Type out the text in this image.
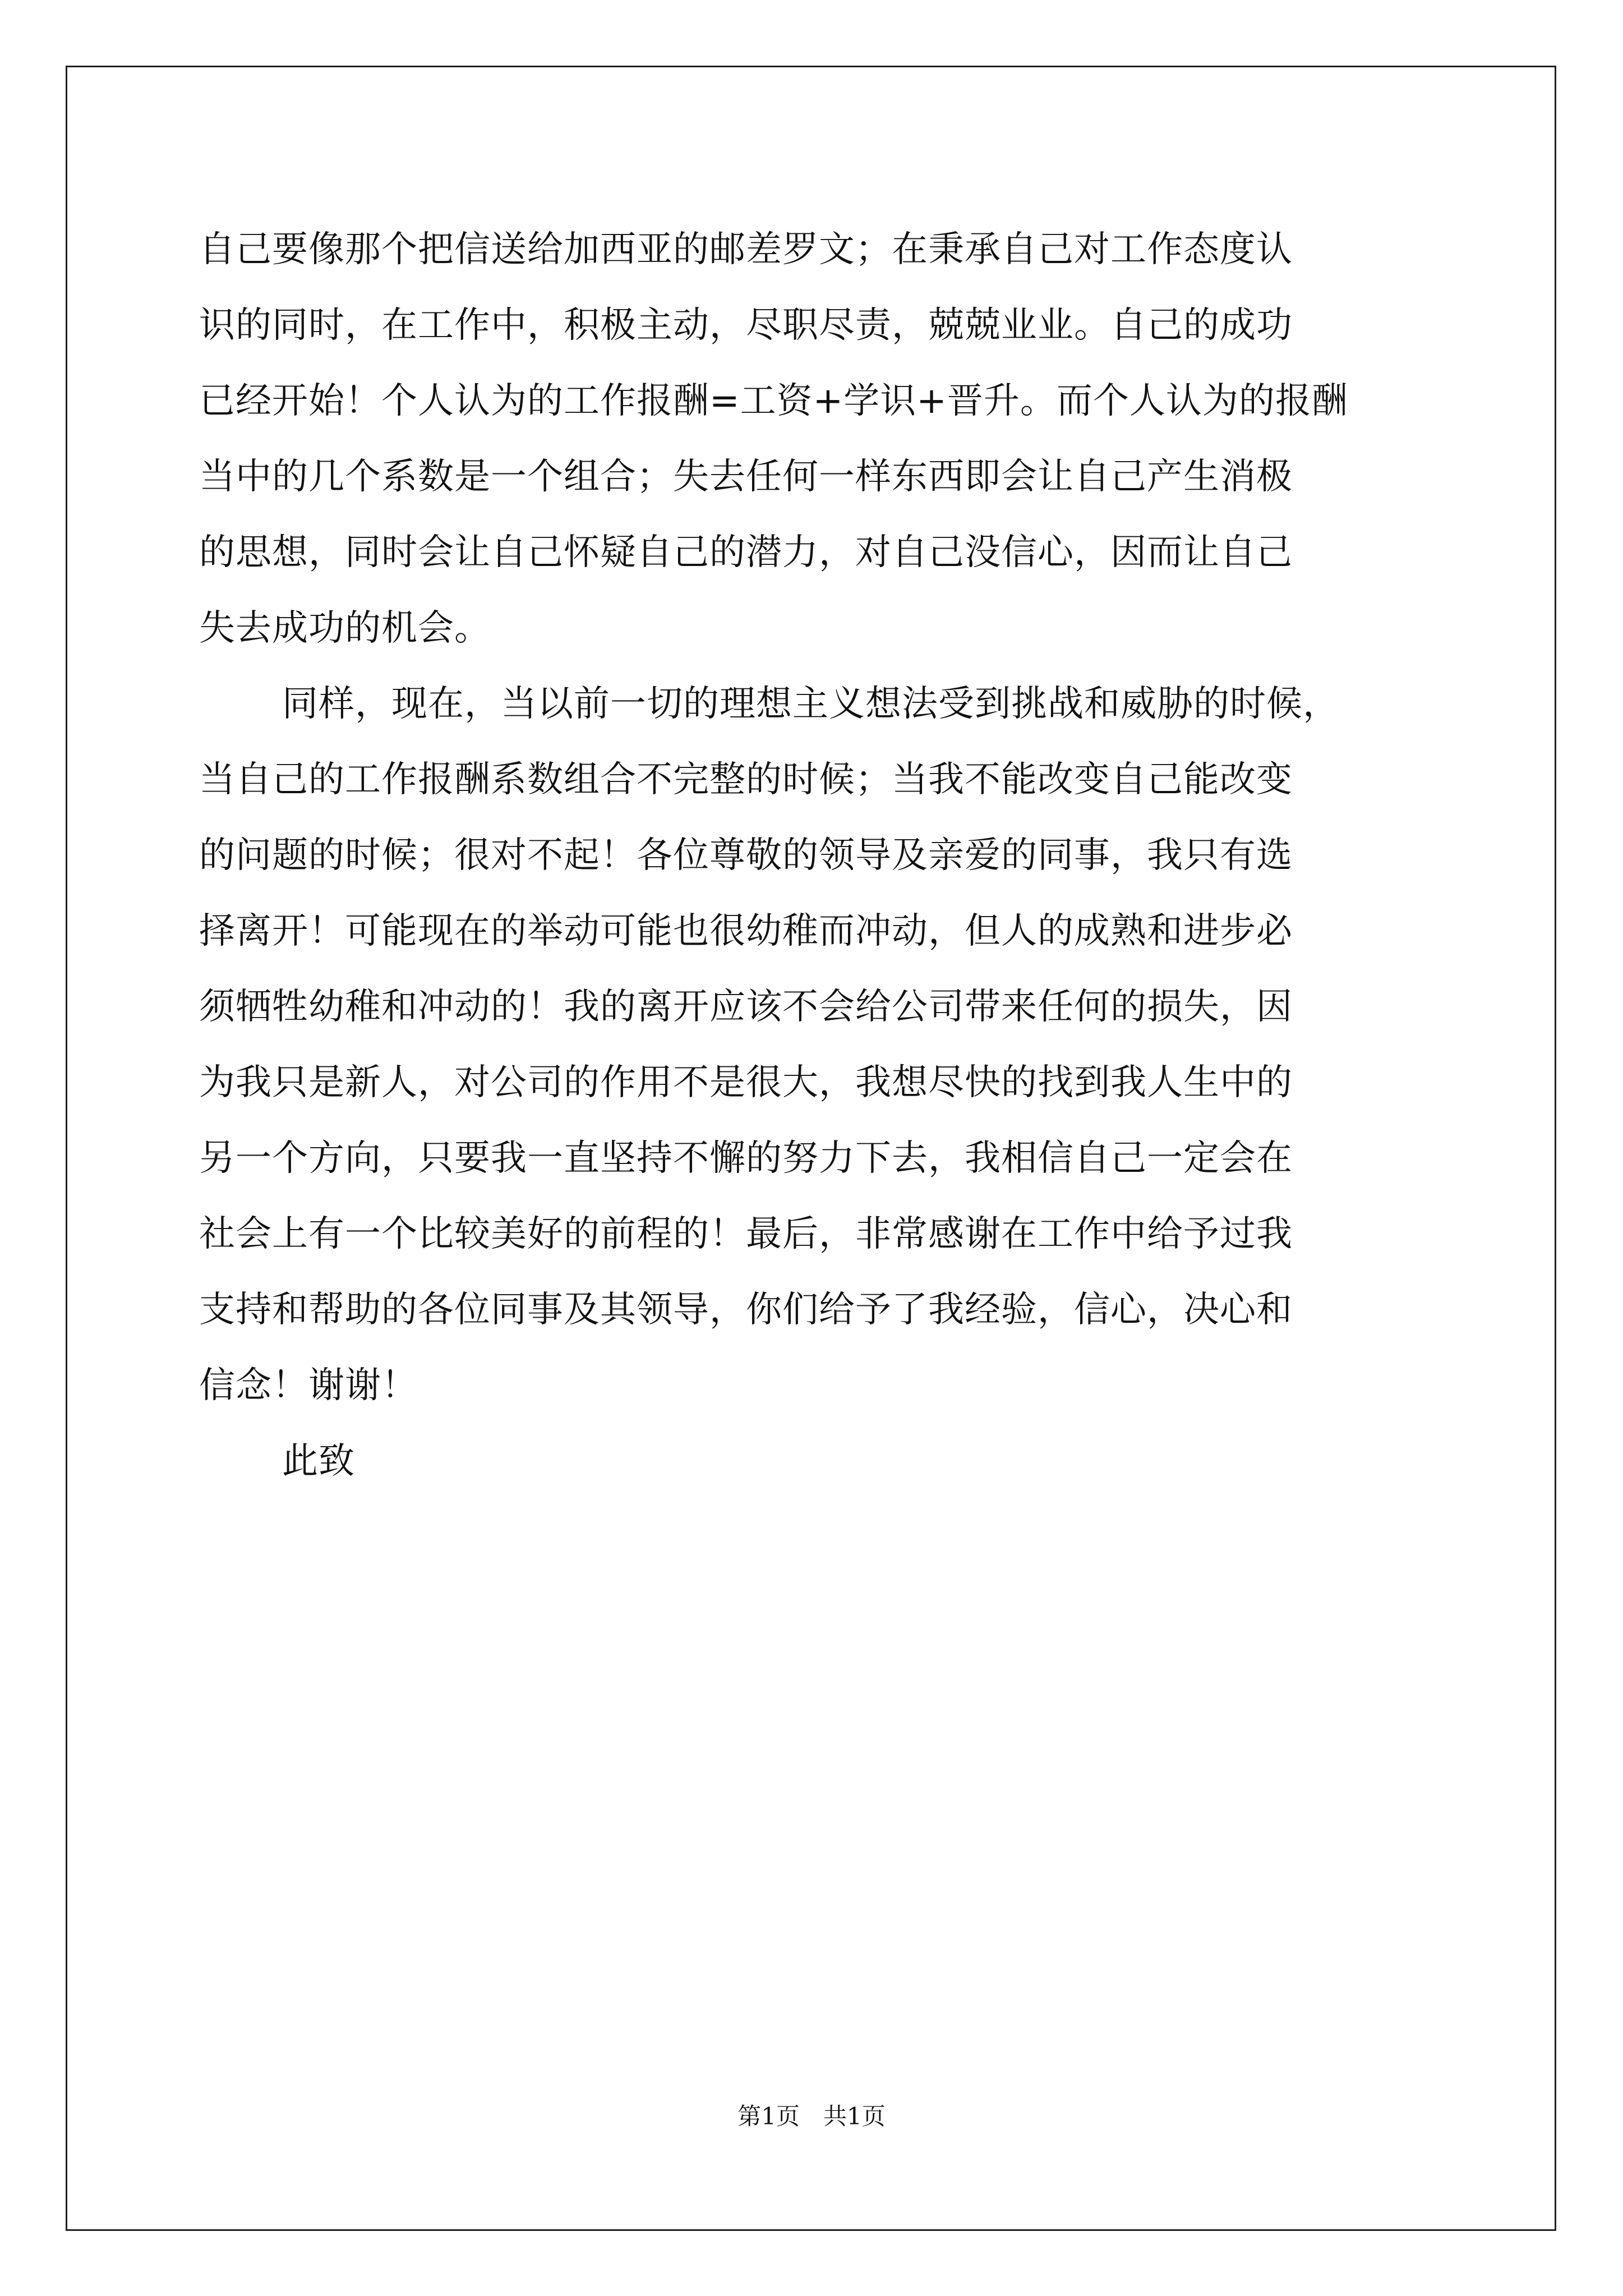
自己要像那个把信送给加西亚的邮差罗文；在秉承自己对工作态度认
识的同时，在工作中，积极主动，尽职尽责，兢兢业业。自己的成功
已经开始！个人认为的工作报酬=工资+学识+晋升。而个人认为的报酬
当中的几个系数是一个组合；失去任何一样东西即会让自己产生消极
的思想，同时会让自己怀疑自己的潜力，对自己没信心，因而让自己
失去成功的机会。
同样，现在，当以前一切的理想主义想法受到挑战和威胁的时候，
当自己的工作报酬系数组合不完整的时候；当我不能改变自己能改变
的问题的时候；很对不起！各位尊敬的领导及亲爱的同事，我只有选
择离开！可能现在的举动可能也很幼稚而冲动，但人的成熟和进步必
须牺牲幼稚和冲动的！我的离开应该不会给公司带来任何的损失，因
为我只是新人，对公司的作用不是很大，我想尽快的找到我人生中的
另一个方向，只要我一直坚持不懈的努力下去，我相信自己一定会在
社会上有一个比较美好的前程的！最后，非常感谢在工作中给予过我
支持和帮助的各位同事及其领导，你们给予了我经验，信心，决心和
信念！谢谢！
此致
第1页　共1页
